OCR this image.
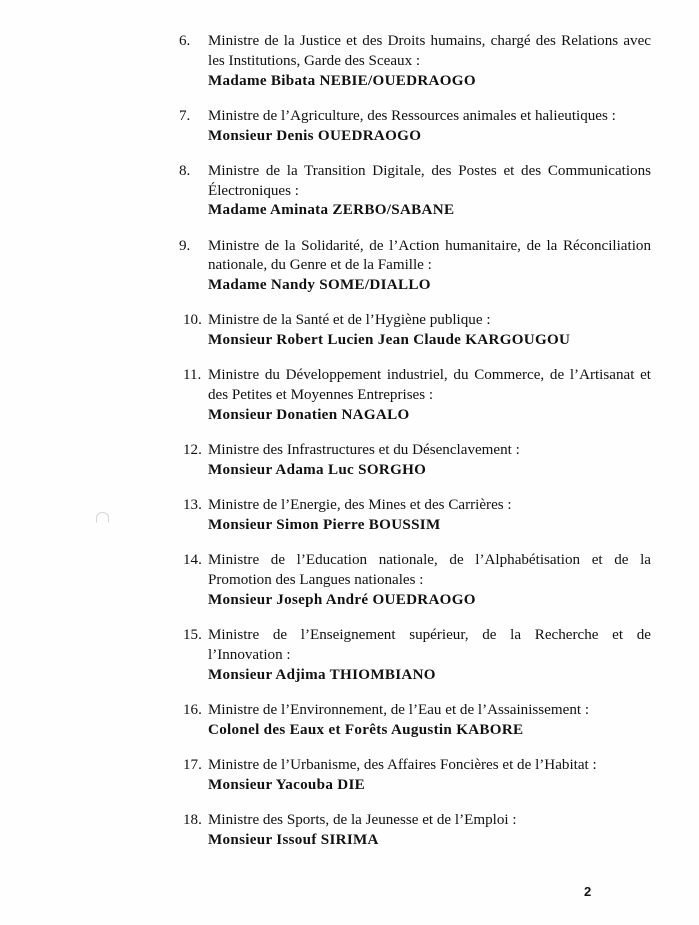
6.	Ministre de la Justice et des Droits humains, chargé des Relations avec

les Institutions, Garde des Sceaux :

Madame Bibata NEBIE/OUEDRAOGO

7.	Ministre de l’Agriculture, des Ressources animales et halieutiques :

Monsieur Denis OUEDRAOGO

8.	Ministre de la Transition Digitale, des Postes et des Communications

Électroniques :

Madame Aminata ZERBO/SABANE

9.	Ministre de la Solidarité, de l’Action humanitaire, de la Réconciliation

nationale, du Genre et de la Famille :

Madame Nandy SOME/DIALLO

10. Ministre de la Santé et de l’Hygiène publique :

Monsieur Robert Lucien Jean Claude KARGOUGOU

11. Ministre du Développement industriel, du Commerce, de l’Artisanat et

des Petites et Moyennes Entreprises :

Monsieur Donatien NAGALO

12. Ministre des Infrastructures et du Désenclavement :

Monsieur Adama Luc SORGHO

13. Ministre de l’Energie, des Mines et des Carrières :

Monsieur Simon Pierre BOUSSIM

14. Ministre de l’Education nationale, de l’Alphabétisation et de la

Promotion des Langues nationales :

Monsieur Joseph André OUEDRAOGO

15. Ministre de l’Enseignement supérieur, de la Recherche et de

l’Innovation :

Monsieur Adjima THIOMBIANO

16. Ministre de l’Environnement, de l’Eau et de l’Assainissement :

Colonel des Eaux et Forêts Augustin KABORE

17. Ministre de l’Urbanisme, des Affaires Foncières et de l’Habitat :

Monsieur Yacouba DIE

18. Ministre des Sports, de la Jeunesse et de l’Emploi :

Monsieur Issouf SIRIMA

2
